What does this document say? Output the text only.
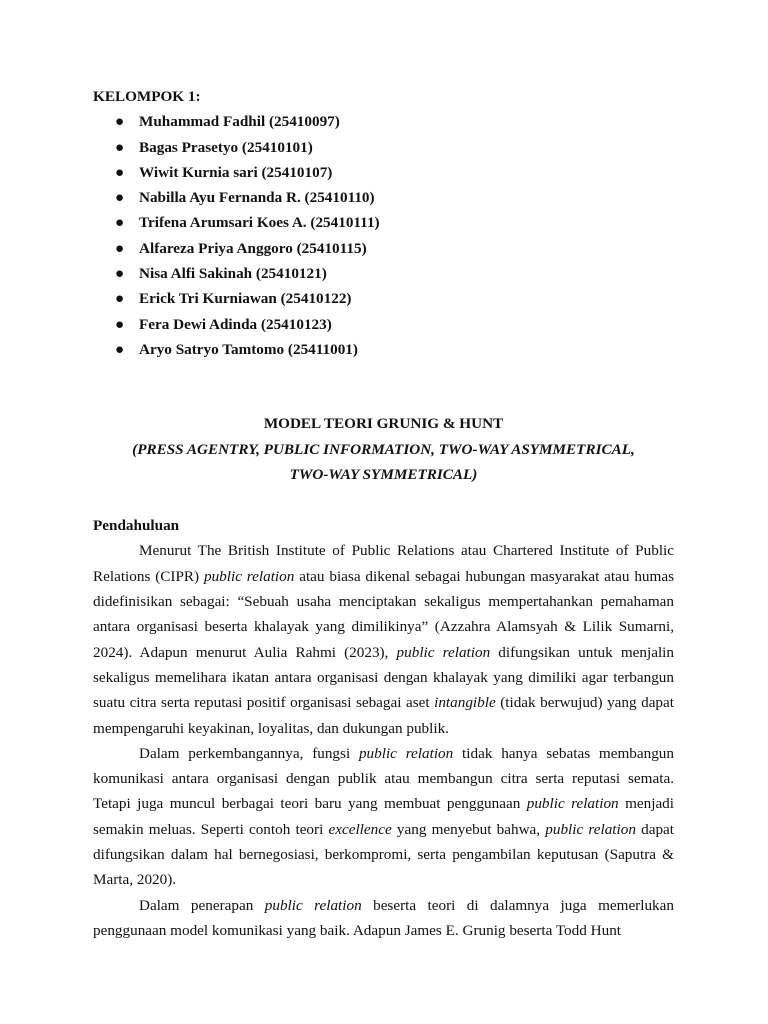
KELOMPOK 1:
● Muhammad Fadhil (25410097)
● Bagas Prasetyo (25410101)
● Wiwit Kurnia sari (25410107)
● Nabilla Ayu Fernanda R. (25410110)
● Trifena Arumsari Koes A. (25410111)
● Alfareza Priya Anggoro (25410115)
● Nisa Alfi Sakinah (25410121)
● Erick Tri Kurniawan (25410122)
● Fera Dewi Adinda (25410123)
● Aryo Satryo Tamtomo (25411001)
MODEL TEORI GRUNIG & HUNT
(PRESS AGENTRY, PUBLIC INFORMATION, TWO-WAY ASYMMETRICAL,
TWO-WAY SYMMETRICAL)
Pendahuluan

Menurut The British Institute of Public Relations atau Chartered Institute of Public Relations (CIPR) public relation atau biasa dikenal sebagai hubungan masyarakat atau humas didefinisikan sebagai: “Sebuah usaha menciptakan sekaligus mempertahankan pemahaman antara organisasi beserta khalayak yang dimilikinya” (Azzahra Alamsyah & Lilik Sumarni, 2024). Adapun menurut Aulia Rahmi (2023), public relation difungsikan untuk menjalin sekaligus memelihara ikatan antara organisasi dengan khalayak yang dimiliki agar terbangun suatu citra serta reputasi positif organisasi sebagai aset intangible (tidak berwujud) yang dapat mempengaruhi keyakinan, loyalitas, dan dukungan publik.

Dalam perkembangannya, fungsi public relation tidak hanya sebatas membangun komunikasi antara organisasi dengan publik atau membangun citra serta reputasi semata. Tetapi juga muncul berbagai teori baru yang membuat penggunaan public relation menjadi semakin meluas. Seperti contoh teori excellence yang menyebut bahwa, public relation dapat difungsikan dalam hal bernegosiasi, berkompromi, serta pengambilan keputusan (Saputra & Marta, 2020).

Dalam penerapan public relation beserta teori di dalamnya juga memerlukan penggunaan model komunikasi yang baik. Adapun James E. Grunig beserta Todd Hunt
